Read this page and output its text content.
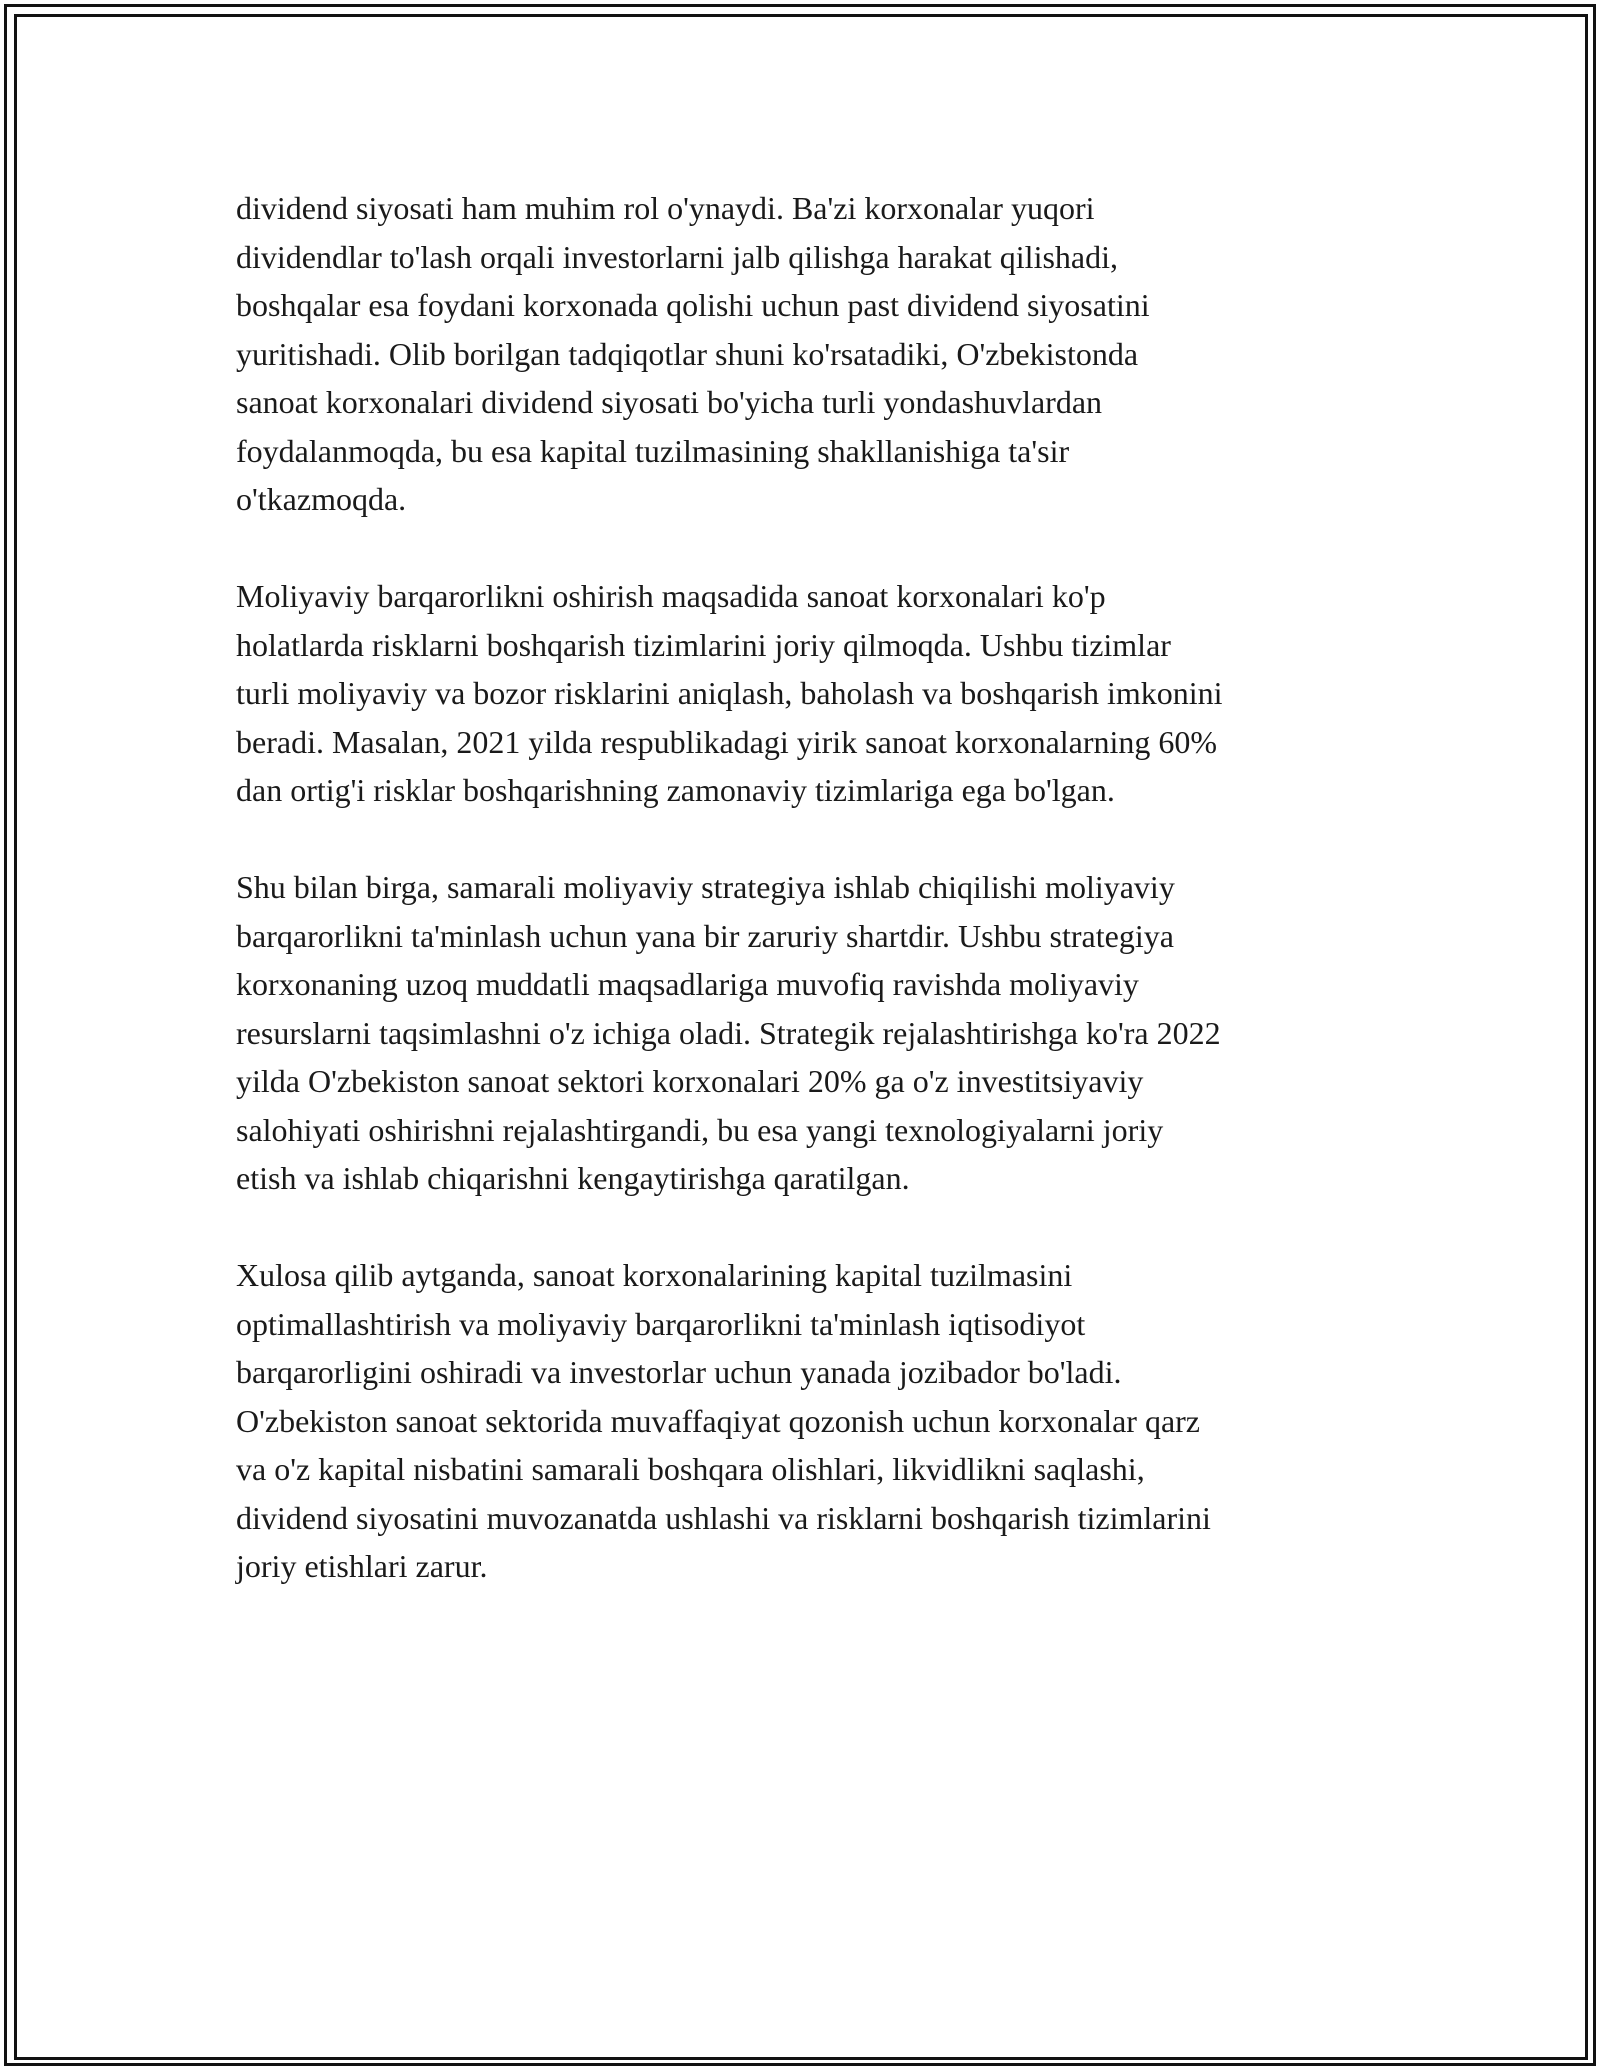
dividend siyosati ham muhim rol o'ynaydi. Ba'zi korxonalar yuqori
dividendlar to'lash orqali investorlarni jalb qilishga harakat qilishadi,
boshqalar esa foydani korxonada qolishi uchun past dividend siyosatini
yuritishadi. Olib borilgan tadqiqotlar shuni ko'rsatadiki, O'zbekistonda
sanoat korxonalari dividend siyosati bo'yicha turli yondashuvlardan
foydalanmoqda, bu esa kapital tuzilmasining shakllanishiga ta'sir
o'tkazmoqda.

Moliyaviy barqarorlikni oshirish maqsadida sanoat korxonalari ko'p
holatlarda risklarni boshqarish tizimlarini joriy qilmoqda. Ushbu tizimlar
turli moliyaviy va bozor risklarini aniqlash, baholash va boshqarish imkonini
beradi. Masalan, 2021 yilda respublikadagi yirik sanoat korxonalarning 60%
dan ortig'i risklar boshqarishning zamonaviy tizimlariga ega bo'lgan.

Shu bilan birga, samarali moliyaviy strategiya ishlab chiqilishi moliyaviy
barqarorlikni ta'minlash uchun yana bir zaruriy shartdir. Ushbu strategiya
korxonaning uzoq muddatli maqsadlariga muvofiq ravishda moliyaviy
resurslarni taqsimlashni o'z ichiga oladi. Strategik rejalashtirishga ko'ra 2022
yilda O'zbekiston sanoat sektori korxonalari 20% ga o'z investitsiyaviy
salohiyati oshirishni rejalashtirgandi, bu esa yangi texnologiyalarni joriy
etish va ishlab chiqarishni kengaytirishga qaratilgan.

Xulosa qilib aytganda, sanoat korxonalarining kapital tuzilmasini
optimallashtirish va moliyaviy barqarorlikni ta'minlash iqtisodiyot
barqarorligini oshiradi va investorlar uchun yanada jozibador bo'ladi.
O'zbekiston sanoat sektorida muvaffaqiyat qozonish uchun korxonalar qarz
va o'z kapital nisbatini samarali boshqara olishlari, likvidlikni saqlashi,
dividend siyosatini muvozanatda ushlashi va risklarni boshqarish tizimlarini
joriy etishlari zarur.
